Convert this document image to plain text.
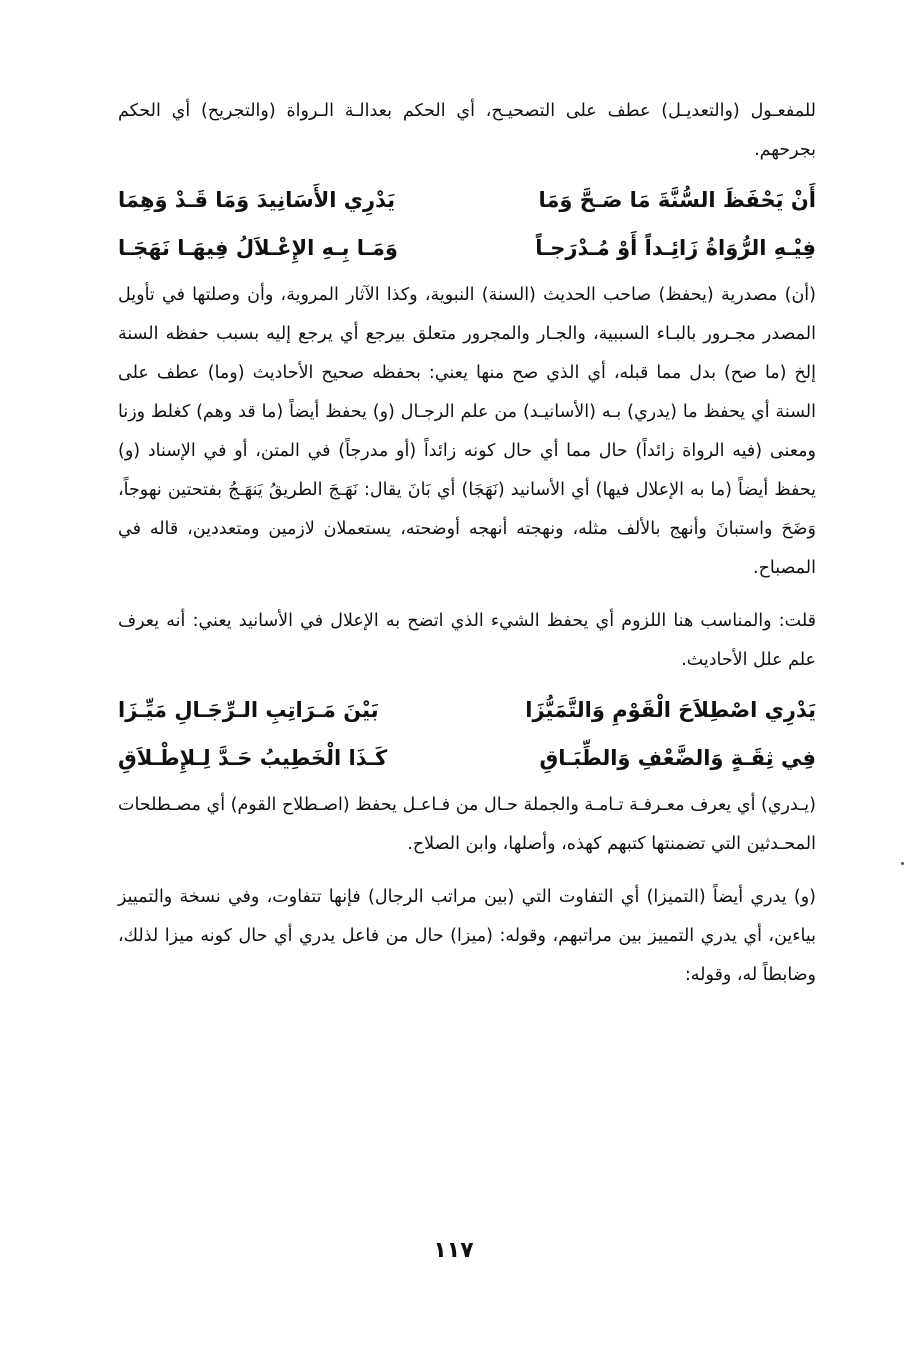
للمفعـول (والتعديـل) عطف على التصحيـح، أي الحكم بعدالـة الـرواة (والتجريح) أي الحكم بجرحهم.

أَنْ يَحْفَظَ السُّنَّةَ مَا صَـحَّ وَمَا
يَدْرِي الأَسَانِيدَ وَمَا قَـدْ وَهِمَا
فِيْـهِ الرُّوَاةُ زَائِـداً أَوْ مُـدْرَجـاً
وَمَـا بِـهِ الإِعْـلاَلُ فِيهَـا نَهَجَـا

(أن) مصدرية (يحفظ) صاحب الحديث (السنة) النبوية، وكذا الآثار المروية، وأن وصلتها في تأويل المصدر مجـرور بالبـاء السببية، والجـار والمجرور متعلق بيرجع أي يرجع إليه بسبب حفظه السنة إلخ (ما صح) بدل مما قبله، أي الذي صح منها يعني: بحفظه صحيح الأحاديث (وما) عطف على السنة أي يحفظ ما (يدري) بـه (الأسانيـد) من علم الرجـال (و) يحفظ أيضاً (ما قد وهم) كغلط وزنا ومعنى (فيه الرواة زائداً) حال مما أي حال كونه زائداً (أو مدرجاً) في المتن، أو في الإسناد (و) يحفظ أيضاً (ما به الإعلال فيها) أي الأسانيد (نَهَجَا) أي بَانَ يقال: نَهَـجَ الطريقُ يَنهَـجُ بفتحتين نهوجاً، وَضَحَ واستبانَ وأنهج بالألف مثله، ونهجته أنهجه أوضحته، يستعملان لازمين ومتعددين، قاله في المصباح.

قلت: والمناسب هنا اللزوم أي يحفظ الشيء الذي اتضح به الإعلال في الأسانيد يعني: أنه يعرف علم علل الأحاديث.

يَدْرِي اصْطِلاَحَ الْقَوْمِ وَالتَّمَيُّزَا
بَيْنَ مَـرَاتِبِ الـرِّجَـالِ مَيِّـزَا
فِي ثِقَـةٍ وَالضَّعْفِ وَالطِّبَـاقِ
كَـذَا الْخَطِيبُ حَـدَّ لِـلإِطْـلاَقِ

(يـدري) أي يعرف معـرفـة تـامـة والجملة حـال من فـاعـل يحفظ (اصـطلاح القوم) أي مصـطلحات المحـدثين التي تضمنتها كتبهم كهذه، وأصلها، وابن الصلاح.

(و) يدري أيضاً (التميزا) أي التفاوت التي (بين مراتب الرجال) فإنها تتفاوت، وفي نسخة والتمييز بياءين، أي يدري التمييز بين مراتبهم، وقوله: (ميزا) حال من فاعل يدري أي حال كونه ميزا لذلك، وضابطاً له، وقوله:

١١٧
